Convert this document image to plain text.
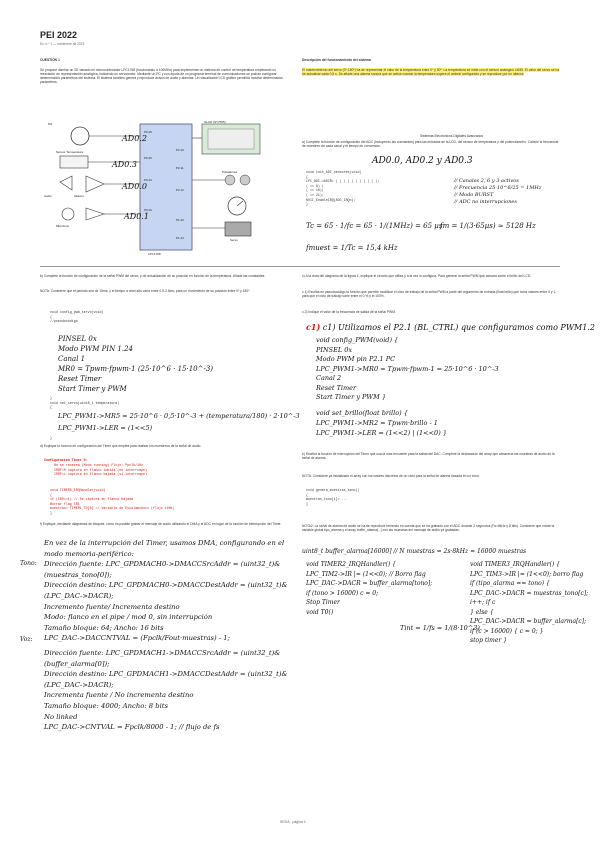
PEI 2022
Ex. n.º 1 — noviembre de 2023
CUESTIÓN 1
Se propone diseñar un SE basado en microcontrolador LPC1768 (funcionando a 100MHz) para implementar un sistema de control de temperatura empleando un mezclador de representación analógica, indicando un servomotor. Mediante un PC y con ayuda de un programa terminal de comunicaciones se podrán configurar determinados parámetros del sistema. El sistema también genera y reproduce avisos de audio y alarmas. Un visualizador LCD gráfico permitirá mostrar determinados parámetros.
Descripción del funcionamiento del sistema
El mantenimiento del servo (0º-180º) ha de representar el valor de la temperatura entre 0º y 50º. La temperatura se mide con el sensor analógico LM35. El valor del servo se ha de actualizar cada 0,5 s. Se añade una alarma sonora que se activa cuando la temperatura supera el umbral configurado y se reproduce por un altavoz.
Sistemas Electrónicos Digitales Avanzados
M1
Sensor Temperatura
Audio	Altavoz
Microfono
LPC1768
GLCD (ST7565)
Pulsadores
Servo
P0.26
P0.25
P0.24
P0.23
P2.10
P2.11
P2.12
P1.20
P1.24
AD0.2
AD0.3
AD0.0
AD0.1
a) Complete la función de configuración del ADC (incluyendo las constantes) para las entradas de la LCD, del sensor de temperatura y del potenciómetro. Calcule la frecuencia de muestreo de cada canal y el tiempo de conversión.
AD0.0, AD0.2 y AD0.3
void init_ADC_sensores(void)
{
LPC_ADC->ADCR= ( ) | ( ) | ( ) | ( );
( << 8) |
( << 16)|
( << 21);
NVIC_EnableIRQ(ADC_IRQn);
}
// Canales 2, 6 y 3 activos
// Frecuencia 25·10^6/25 = 1MHz
// Modo BURST
// ADC no interrupciones
Tc = 65 · 1/fc = 65 · 1/(1MHz) = 65 µs
fm = 1/(3·65µs) ≈ 5128 Hz
fmuest = 1/Tc = 15,4 kHz
b) Complete la función de configuración de la señal PWM del servo, y de actualización de su posición en función de la temperatura. Añada las constantes.
NOTA: Considere que el periodo sea de 15ms, y el tiempo a nivel alto varía entre 0.5-2.5ms, para un movimiento de su posición entre 0º y 180º.
void config_pwm_servo(void)
{
//pseudocódigo
PINSEL 0x
Modo PWM PIN 1.24
Canal 1
MR0 = Tpwm·fpwm·1 (25·10^6 · 15·10^-3)
Reset Timer
Start Timer y PWM
}
void set_servo(uint8_t temperatura)
{
LPC_PWM1->MR5 = 25·10^6 · 0,5·10^-3 + (temperatura/180) · 2·10^-3
LPC_PWM1->LER = (1<<5)
}
c) A la vista del diagrama de la figura 1, explique el circuito que utiliza y a la vez lo configura. Para generar la señal PWM que actuará sobre el brillo del LCD.
c.1) Escriba en pseudocódigo la función que permite modificar el ciclo de trabajo de la señal PWM a partir del argumento de entrada (float brillo) que toma valores entre 0 y 1, para que el ciclo de trabajo varíe entre el 0 % y el 100%.
c.2) Indique el valor de la frecuencia de salida de la señal PWM.
c1) c1) Utilizamos el P2.1 (BL_CTRL) que configuramos como PWM1.2
void config_PWM(void) {
PINSEL 0x
Modo PWM pin P2.1 PC
LPC_PWM1->MR0 = Tpwm·fpwm-1 = 25·10^6 · 10^-3
Canal 2
Reset Timer
Start Timer y PWM }
void set_brillo(float brillo) {
LPC_PWM1->MR2 = Tpwm·brillo - 1
LPC_PWM1->LER = (1<<2) | (1<<0) }
d) Explique la función de configuración del Timer que emplea para realizar los muestreos de la señal de audio.
Configuración Timer 0:
No se resetea (Modo running) Flujo: Ppclk/1Hz
IRRF=0 captura en flanco subida (no interrumpe)
IRRF=1 captura en flanco bajada (si interrumpe)
void TIMER0_IRQHandler(void)
{
if (CR0==1) // Se captura en flanco bajada
Borrar flag CR1
muestras= TIMER1_T0[0] // Variable de Escalamiento (flujo 10Hz)
}
e) Escriba la función de interrupción del Timer que usa la más frecuente para la salida del DAC. Complete la declaración del array que almacena las muestras de audio de la señal de alarma.
NOTA: Considere ya inicializado el array con los valores discretos de un ciclo para la señal de alarma basada en un tono:
void genera_muestras_seno()
{
muestras_tono[i]= ...
}
NOTA2: La señal de alarma de audio se ha de reproducir teniendo en cuenta que se ha grabado con el ADC durante 2 segundos (Fs=8kHz y 8 bits). Considere que existe la variable global tipo_alarma y el array buffer_alarma[...] con las muestras del mensaje de audio ya grabadas.
uint8_t buffer_alarma[16000] // N muestras = 2s·8kHz = 16000 muestras
void TIMER2_IRQHandler() {
LPC_TIM2->IR |= (1<<0); // Borro flag
LPC_DAC->DACR = buffer_alarma[tono];
if (tono > 16000) c = 0;
Stop Timer
void T0()
void TIMER3_IRQHandler() {
LPC_TIM3->IR |= (1<<0); borro flag
if (tipo_alarma == tono) {
LPC_DAC->DACR = muestras_tono[c];
i++; if c
} else {
LPC_DAC->DACR = buffer_alarma[c];
if (c > 16000) { c = 0; }
stop timer }
Tint = 1/fs = 1/(8·10^3)
f) Explique, mediante diagramas de bloques, cómo es posible grabar el mensaje de audio utilizando el DMA y el ADC en lugar de la función de interrupción del Timer.
En vez de la interrupción del Timer, usamos DMA, configurando en el modo memoria-periférico:
Dirección fuente: LPC_GPDMACH0->DMACCSrcAddr = (uint32_t)&(muestras_tono[0]);
Dirección destino: LPC_GPDMACH0->DMACCDestAddr = (uint32_t)&(LPC_DAC->DACR);
Incremento fuente/ Incrementa destino
Modo: flanco en el pipe / mod 0, sin interrupción
Tamaño bloque: 64; Ancho: 16 bits
LPC_DAC->DACCNTVAL = (Fpclk/Fout·muestras) - 1;
Dirección fuente: LPC_GPDMACH1->DMACCSrcAddr = (uint32_t)&(buffer_alarma[0]);
Dirección destino: LPC_GPDMACH1->DMACCDestAddr = (uint32_t)&(LPC_DAC->DACR);
Incrementa fuente / No incrementa destino
Tamaño bloque: 4000; Ancho: 8 bits
No linked
LPC_DAC->CNTVAL = Fpclk/8000 - 1; // flujo de fs
Tono:
Voz:
SEDA · página 1
